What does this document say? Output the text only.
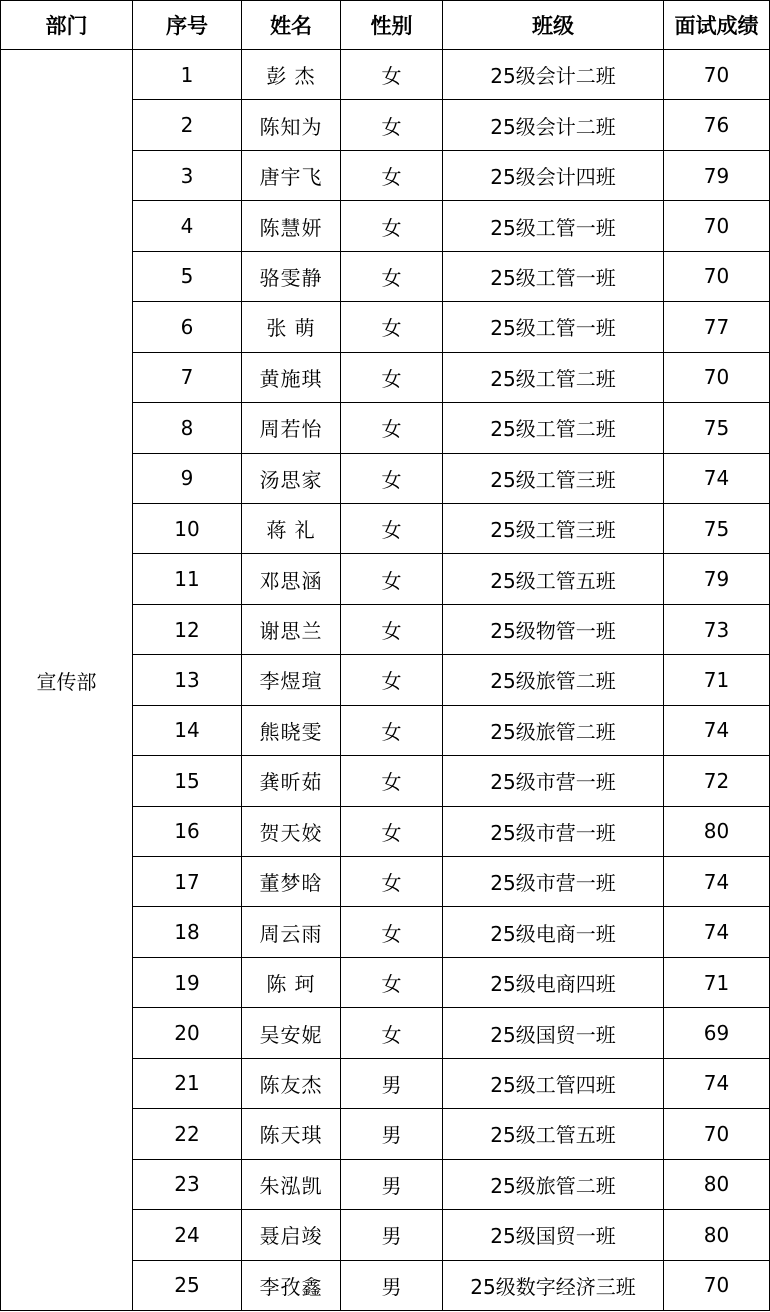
部门	序号	姓名	性别	班级	面试成绩
宣传部	1	彭 杰	女	25级会计二班	70
	2	陈知为	女	25级会计二班	76
	3	唐宇飞	女	25级会计四班	79
	4	陈慧妍	女	25级工管一班	70
	5	骆雯静	女	25级工管一班	70
	6	张 萌	女	25级工管一班	77
	7	黄施琪	女	25级工管二班	70
	8	周若怡	女	25级工管二班	75
	9	汤思家	女	25级工管三班	74
	10	蒋 礼	女	25级工管三班	75
	11	邓思涵	女	25级工管五班	79
	12	谢思兰	女	25级物管一班	73
	13	李煜瑄	女	25级旅管二班	71
	14	熊晓雯	女	25级旅管二班	74
	15	龚昕茹	女	25级市营一班	72
	16	贺天姣	女	25级市营一班	80
	17	董梦晗	女	25级市营一班	74
	18	周云雨	女	25级电商一班	74
	19	陈 珂	女	25级电商四班	71
	20	吴安妮	女	25级国贸一班	69
	21	陈友杰	男	25级工管四班	74
	22	陈天琪	男	25级工管五班	70
	23	朱泓凯	男	25级旅管二班	80
	24	聂启竣	男	25级国贸一班	80
	25	李孜鑫	男	25级数字经济三班	70
